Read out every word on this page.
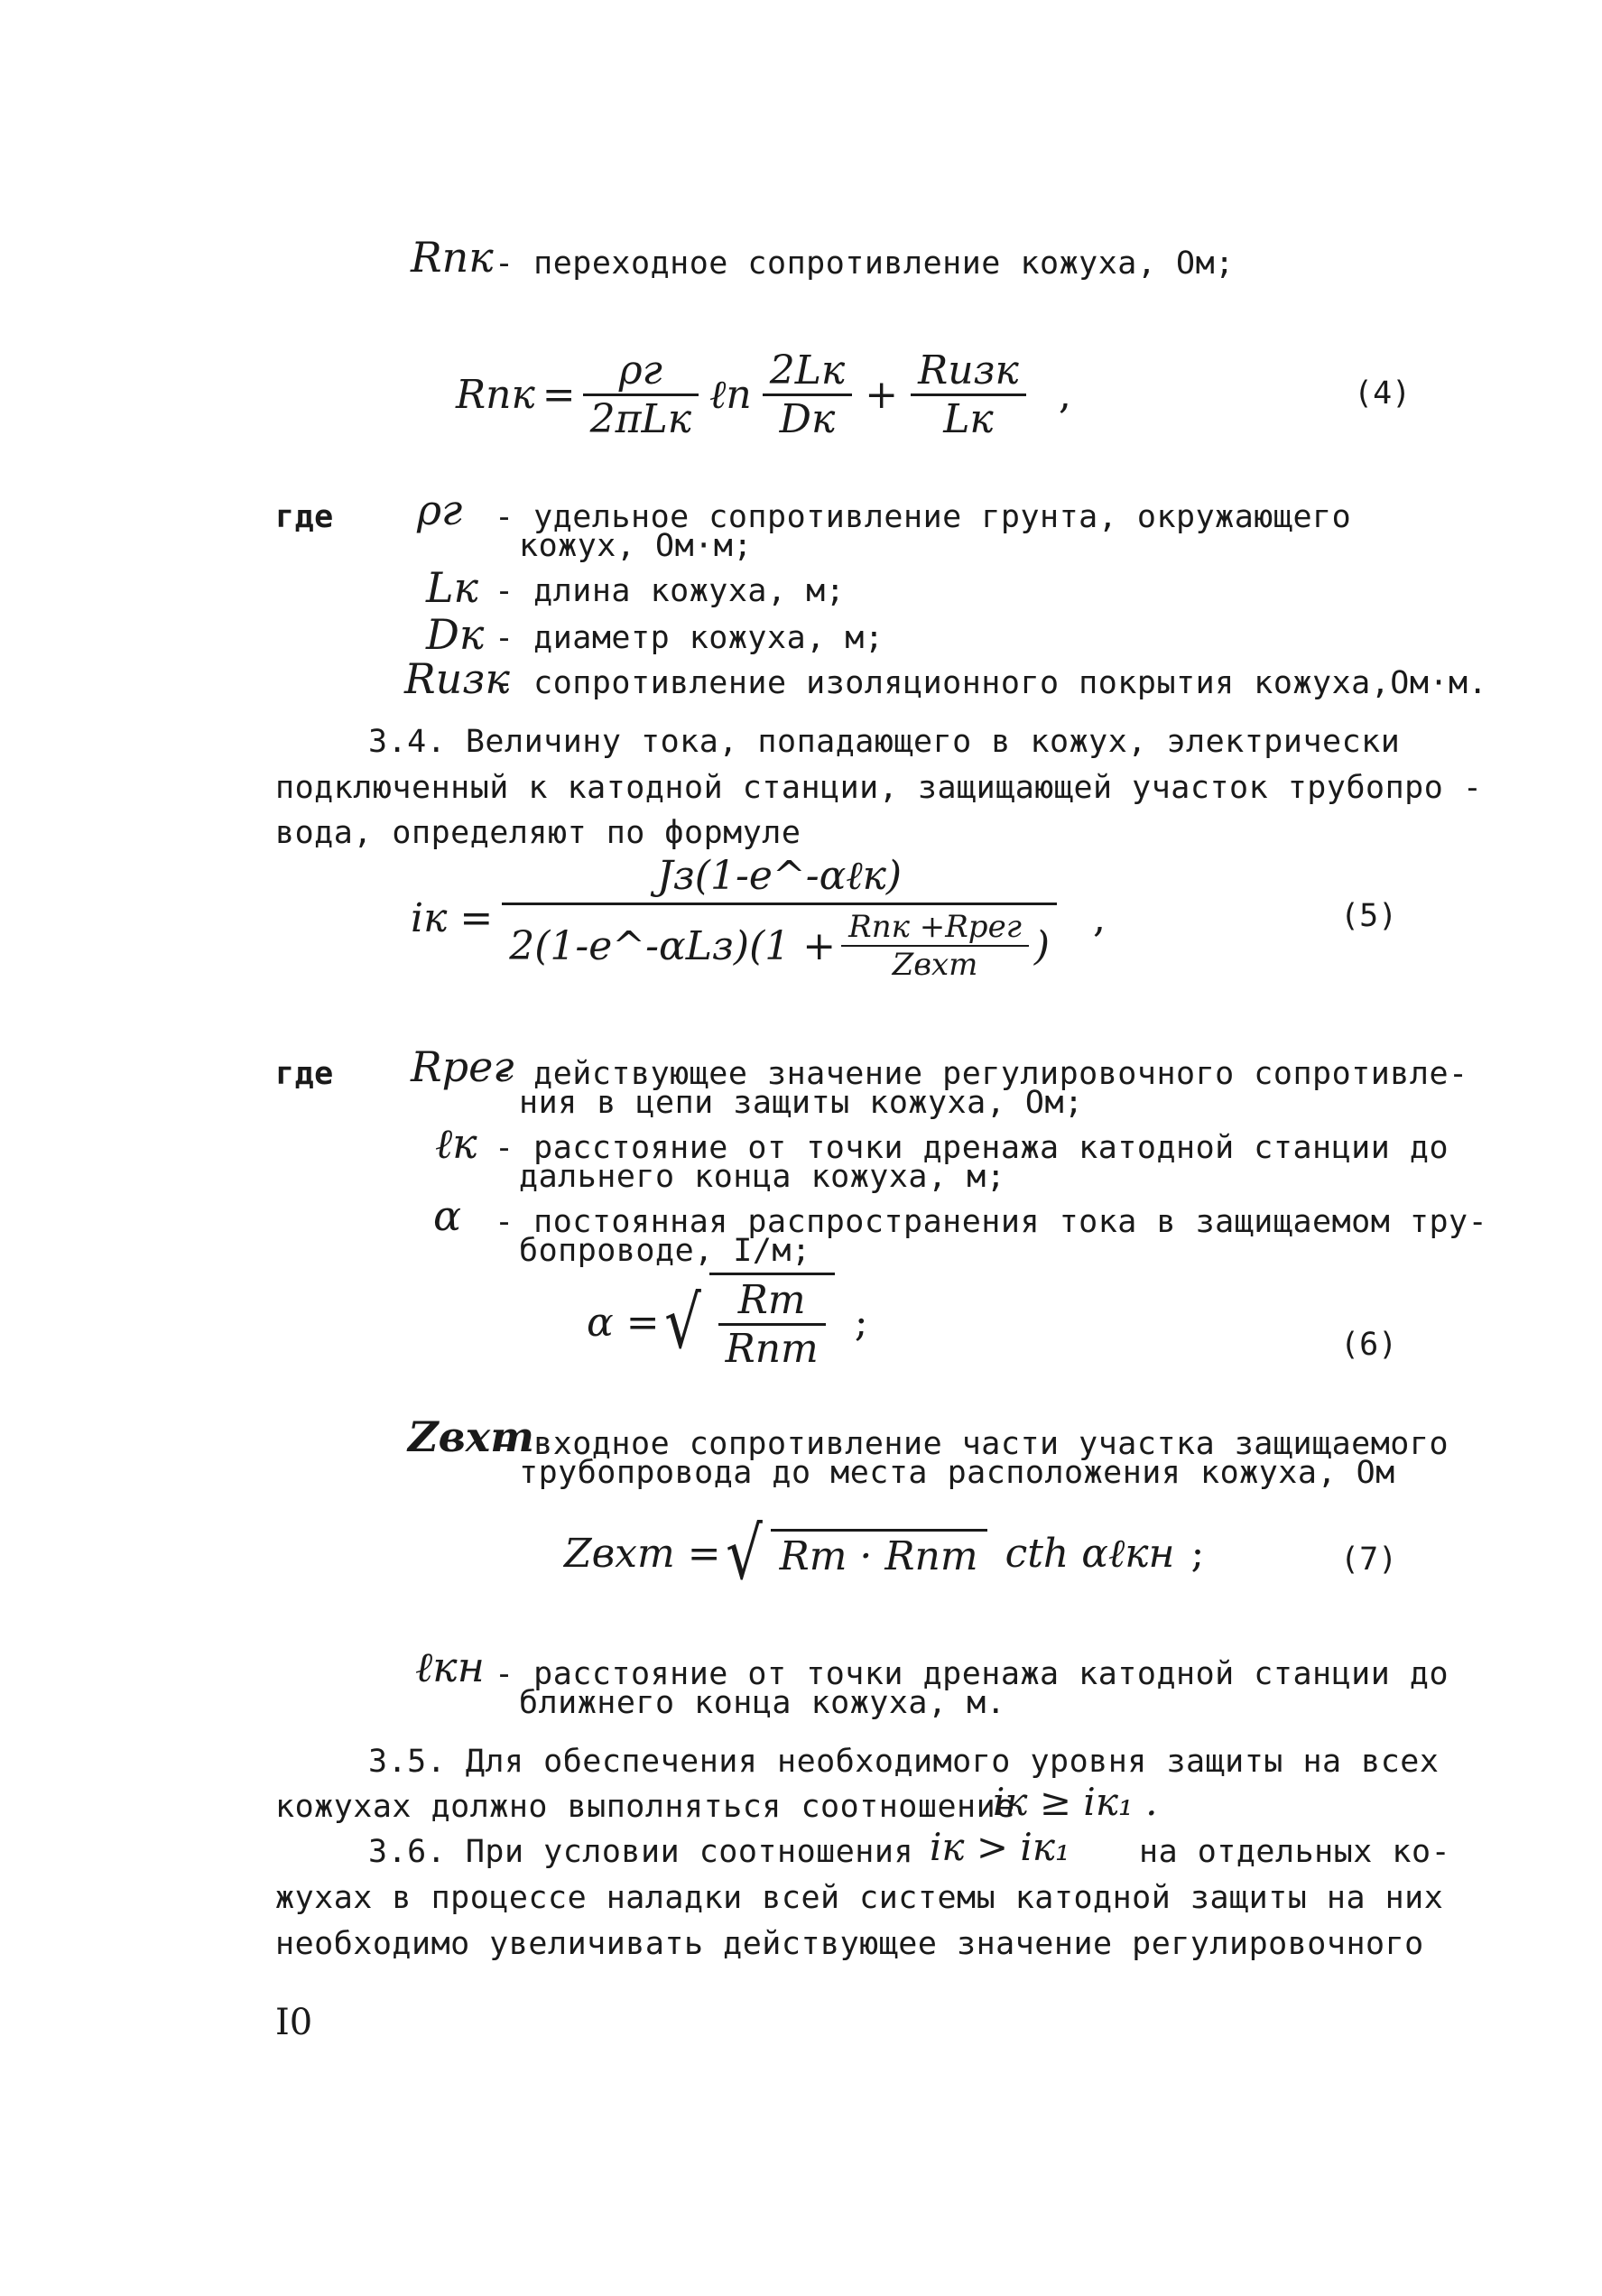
Rпк - переходное сопротивление кожуха, Ом;
Rпк = $\frac{\rho г}{\text{2πLк}}$ ℓn $\frac{2Lк}{Dк} + \frac{\text{Rизк}}{Lк}$ ,	(4)
где ρг - удельное сопротивление грунта, окружающего
кожух, Ом·м;
Lк - длина кожуха, м;
Dк - диаметр кожуха, м;
Rизк
- сопротивление изоляционного покрытия кожуха,Ом·м.
3.4. Величину тока, попадающего в кожух, электрически
подключенный к катодной станции, защищающей участок трубопро -
вода, определяют по формуле
iк =
Jз(1-e^-αℓк)
2(1-e^-αLз)(1 + $\frac{\text{Rпк +Rрег}}{\text{Zвхт}}$ )
,	(5)
где Rрег
- действующее значение регулировочного сопротивле-
ния в цепи защиты кожуха, Ом;
ℓк - расстояние от точки дренажа катодной станции до
дальнего конца кожуха, м;
α - постоянная распространения тока в защищаемом тру-
бопроводе, I/м;
α = √ $\frac{Rт}{\text{Rпт}}$ ;	(6)
Zвхт
- входное сопротивление части участка защищаемого
трубопровода до места расположения кожуха, Ом
Zвхт = √ Rт · Rпт cth αℓкн ;	(7)
ℓкн - расстояние от точки дренажа катодной станции до
ближнего конца кожуха, м.
3.5. Для обеспечения необходимого уровня защиты на всех
кожухах должно выполняться соотношение
iк ≥ iк₁ .
3.6. При условии соотношения iк > iк₁ на отдельных ко-
жухах в процессе наладки всей системы катодной защиты на них
необходимо увеличивать действующее значение регулировочного
I0
